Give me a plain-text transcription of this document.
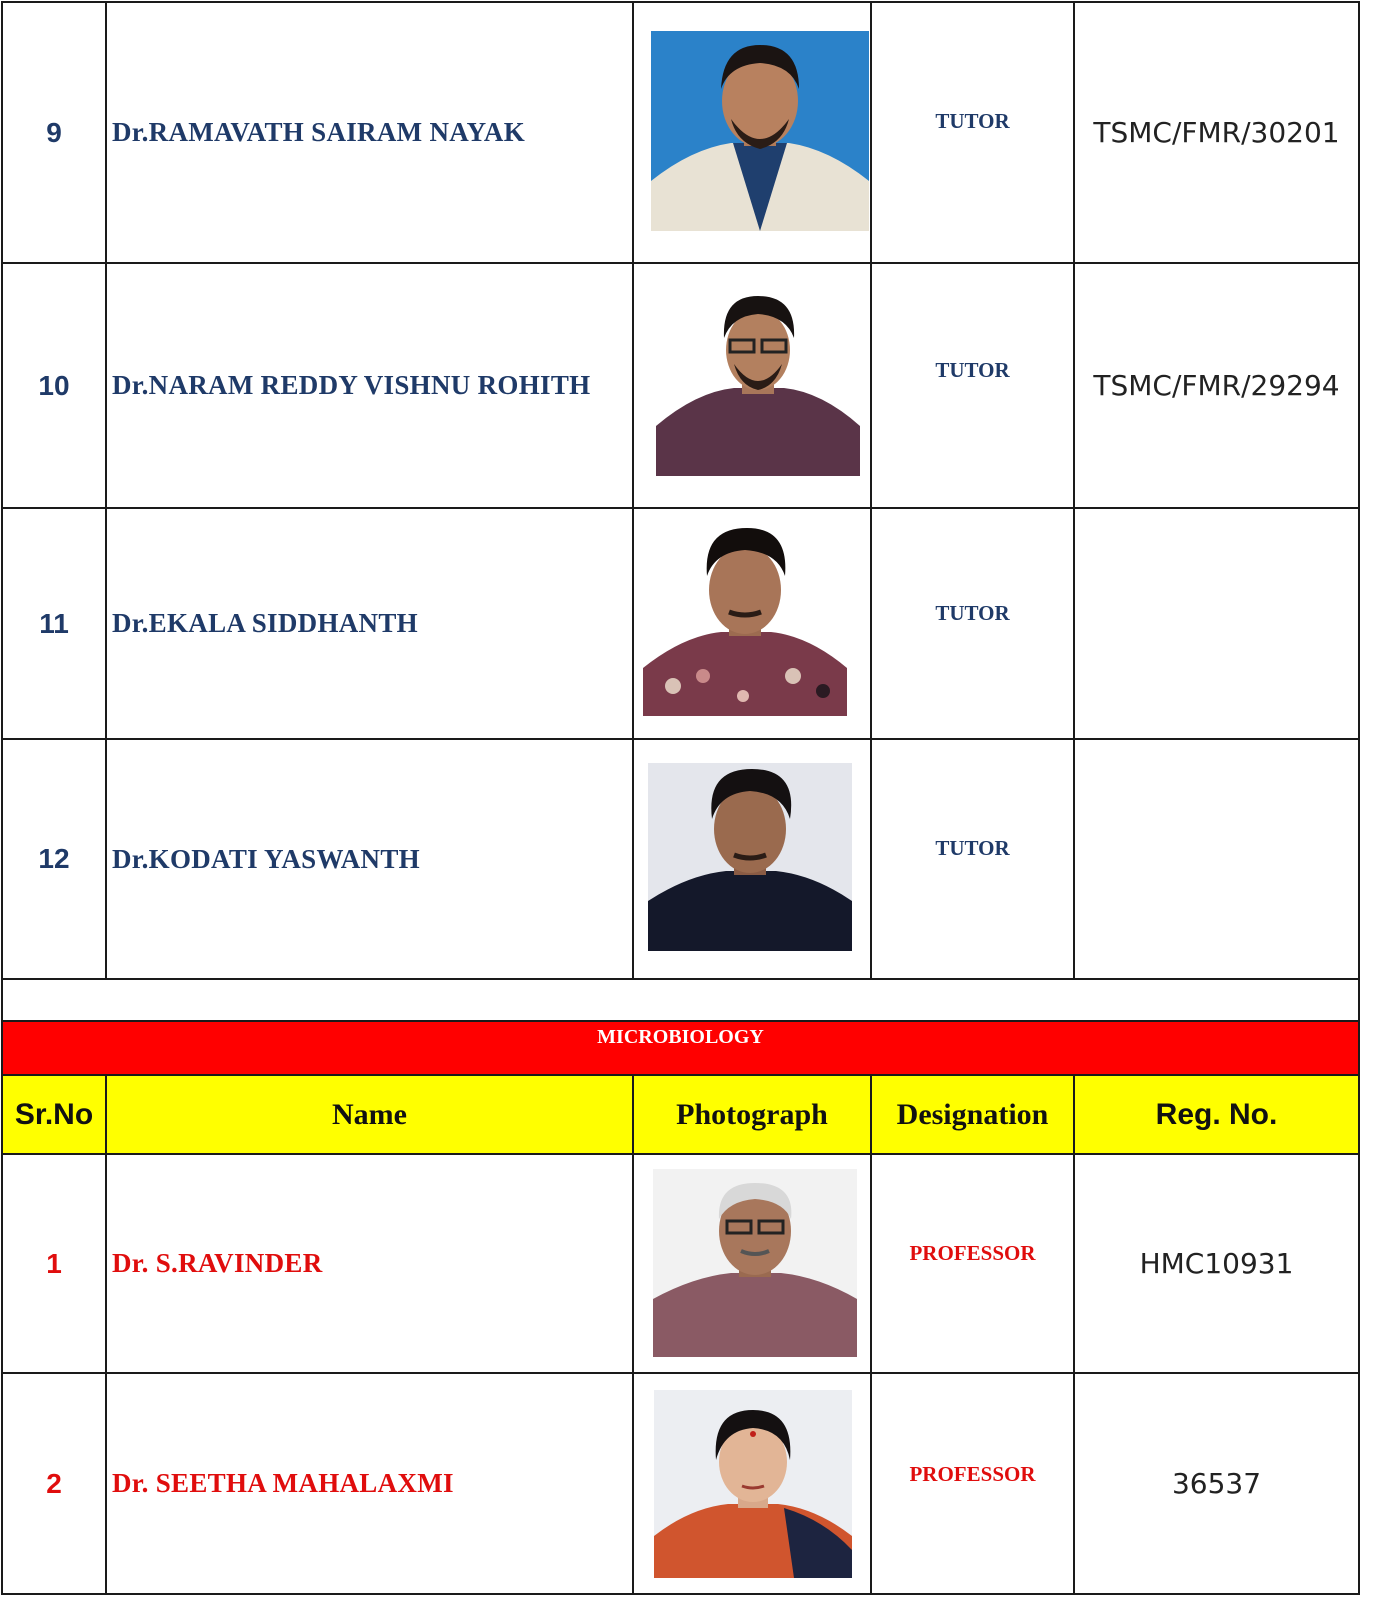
9	Dr.RAMAVATH SAIRAM NAYAK		TUTOR	TSMC/FMR/30201
10	Dr.NARAM REDDY VISHNU ROHITH		TUTOR	TSMC/FMR/29294
11	Dr.EKALA SIDDHANTH		TUTOR	

12	Dr.KODATI YASWANTH		TUTOR	

MICROBIOLOGY				

Sr.No	Name	Photograph	Designation	Reg. No.
1	Dr. S.RAVINDER		PROFESSOR	HMC10931
2	Dr. SEETHA MAHALAXMI		PROFESSOR	36537
